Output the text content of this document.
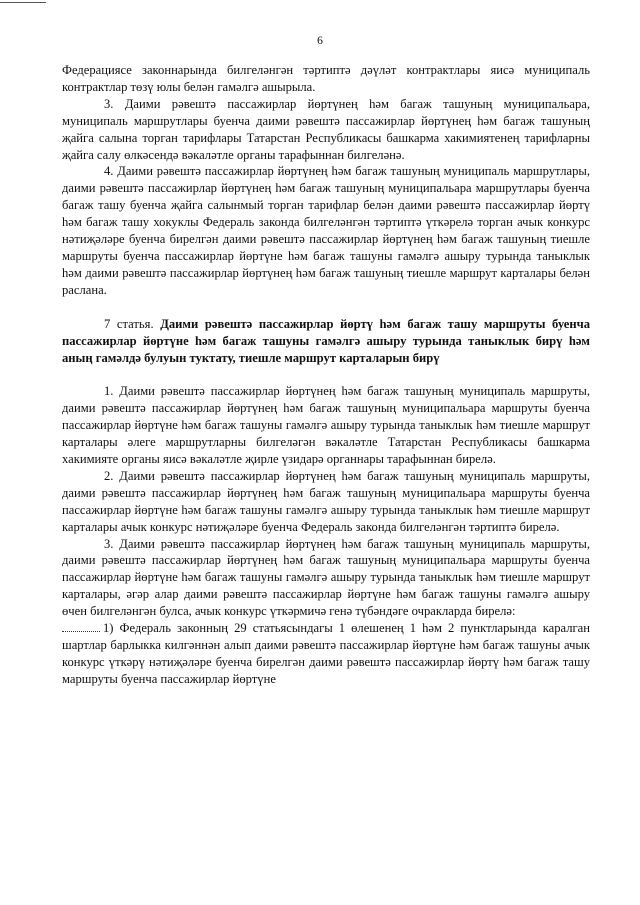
6

Федерациясе законнарында билгеләнгән тәртиптә дәүләт контрактлары яисә муниципаль контрактлар төзү юлы белән гамәлгә ашырыла.

3. Даими рәвештә пассажирлар йөртүнең һәм багаж ташуның муниципальара, муниципаль маршрутлары буенча даими рәвештә пассажирлар йөртүнең һәм багаж ташуның җайга салына торган тарифлары Татарстан Республикасы башкарма хакимиятенең тарифларны җайга салу өлкәсендә вәкаләтле органы тарафыннан билгеләнә.

4. Даими рәвештә пассажирлар йөртүнең һәм багаж ташуның муниципаль маршрутлары, даими рәвештә пассажирлар йөртүнең һәм багаж ташуның муниципальара маршрутлары буенча багаж ташу буенча җайга салынмый торган тарифлар белән даими рәвештә пассажирлар йөртү һәм багаж ташу хокуклы Федераль законда билгеләнгән тәртиптә үткәрелә торган ачык конкурс нәтиҗәләре буенча бирелгән даими рәвештә пассажирлар йөртүнең һәм багаж ташуның тиешле маршруты буенча пассажирлар йөртүне һәм багаж ташуны гамәлгә ашыру турында таныклык һәм даими рәвештә пассажирлар йөртүнең һәм багаж ташуның тиешле маршрут карталары белән раслана.

7 статья. Даими рәвештә пассажирлар йөртү һәм багаж ташу маршруты буенча пассажирлар йөртүне һәм багаж ташуны гамәлгә ашыру турында таныклык бирү һәм аның гамәлдә булуын туктату, тиешле маршрут карталарын бирү

1. Даими рәвештә пассажирлар йөртүнең һәм багаж ташуның муниципаль маршруты, даими рәвештә пассажирлар йөртүнең һәм багаж ташуның муниципальара маршруты буенча пассажирлар йөртүне һәм багаж ташуны гамәлгә ашыру турында таныклык һәм тиешле маршрут карталары әлеге маршрутларны билгеләгән вәкаләтле Татарстан Республикасы башкарма хакимияте органы яисә вәкаләтле җирле үзидарә органнары тарафыннан бирелә.

2. Даими рәвештә пассажирлар йөртүнең һәм багаж ташуның муниципаль маршруты, даими рәвештә пассажирлар йөртүнең һәм багаж ташуның муниципальара маршруты буенча пассажирлар йөртүне һәм багаж ташуны гамәлгә ашыру турында таныклык һәм тиешле маршрут карталары ачык конкурс нәтиҗәләре буенча Федераль законда билгеләнгән тәртиптә бирелә.

3. Даими рәвештә пассажирлар йөртүнең һәм багаж ташуның муниципаль маршруты, даими рәвештә пассажирлар йөртүнең һәм багаж ташуның муниципальара маршруты буенча пассажирлар йөртүне һәм багаж ташуны гамәлгә ашыру турында таныклык һәм тиешле маршрут карталары, әгәр алар даими рәвештә пассажирлар йөртүне һәм багаж ташуны гамәлгә ашыру өчен билгеләнгән булса, ачык конкурс үткәрмичә генә түбәндәге очракларда бирелә:

1) Федераль законның 29 статьясындагы 1 өлешенең 1 һәм 2 пунктларында каралган шартлар барлыкка килгәннән алып даими рәвештә пассажирлар йөртүне һәм багаж ташуны ачык конкурс үткәрү нәтиҗәләре буенча бирелгән даими рәвештә пассажирлар йөртү һәм багаж ташу маршруты буенча пассажирлар йөртүне
